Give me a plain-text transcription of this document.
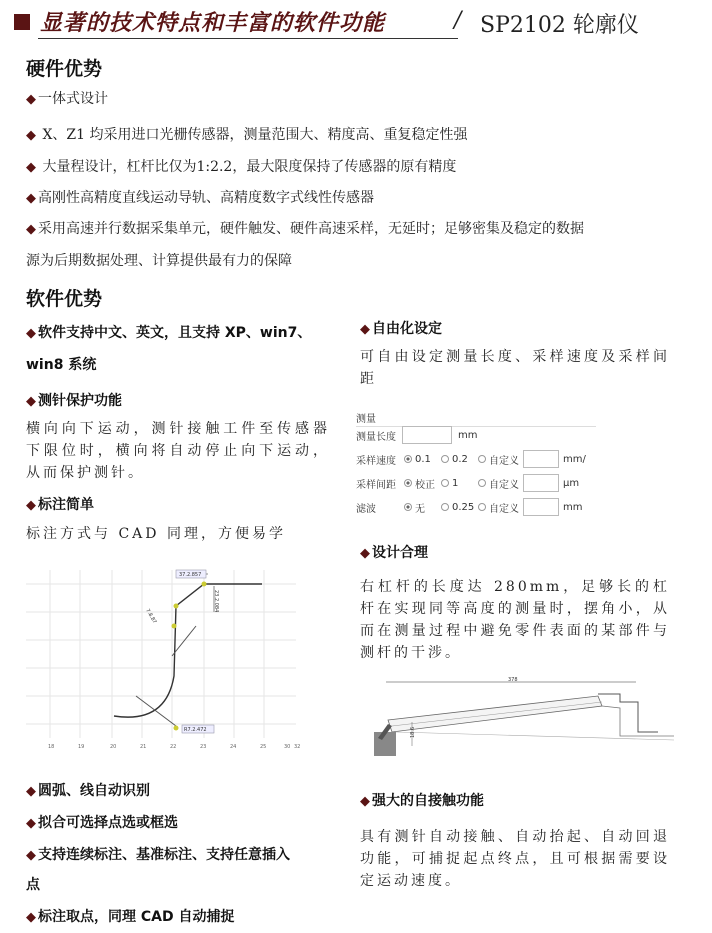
显著的技术特点和丰富的软件功能	/ SP2102 轮廓仪
硬件优势
◆ 一体式设计
◆ X、Z1 均采用进口光栅传感器，测量范围大、精度高、重复稳定性强
◆ 大量程设计，杠杆比仅为1:2.2，最大限度保持了传感器的原有精度
◆ 高刚性高精度直线运动导轨、高精度数字式线性传感器
◆ 采用高速并行数据采集单元，硬件触发、硬件高速采样，无延时；足够密集及稳定的数据
源为后期数据处理、计算提供最有力的保障
软件优势
◆ 软件支持中文、英文，且支持 XP、win7、
win8 系统
◆ 测针保护功能
横向向下运动，测针接触工件至传感器下限位时，横向将自动停止向下运动，从而保护测针。
◆ 标注简单
标注方式与 CAD 同理，方便易学
37.2.857
23.2.084
7.8.87
R7.2.472
18	19	20	21	22	23	24	25	30 32
◆ 圆弧、线自动识别
◆ 拟合可选择点选或框选
◆ 支持连续标注、基准标注、支持任意插入
点
◆ 标注取点，同理 CAD 自动捕捉
◆ 自由化设定
可自由设定测量长度、采样速度及采样间距
测量
测量长度	mm
采样速度	0.1	0.2	自定义	mm/
采样间距	校正	1	自定义	μm
滤波	无	0.25	自定义	mm
◆ 设计合理
右杠杆的长度达 280mm，足够长的杠杆在实现同等高度的测量时，摆角小，从而在测量过程中避免零件表面的某部件与测杆的干涉。
378
18.6
◆ 强大的自接触功能
具有测针自动接触、自动抬起、自动回退功能，可捕捉起点终点，且可根据需要设定运动速度。
